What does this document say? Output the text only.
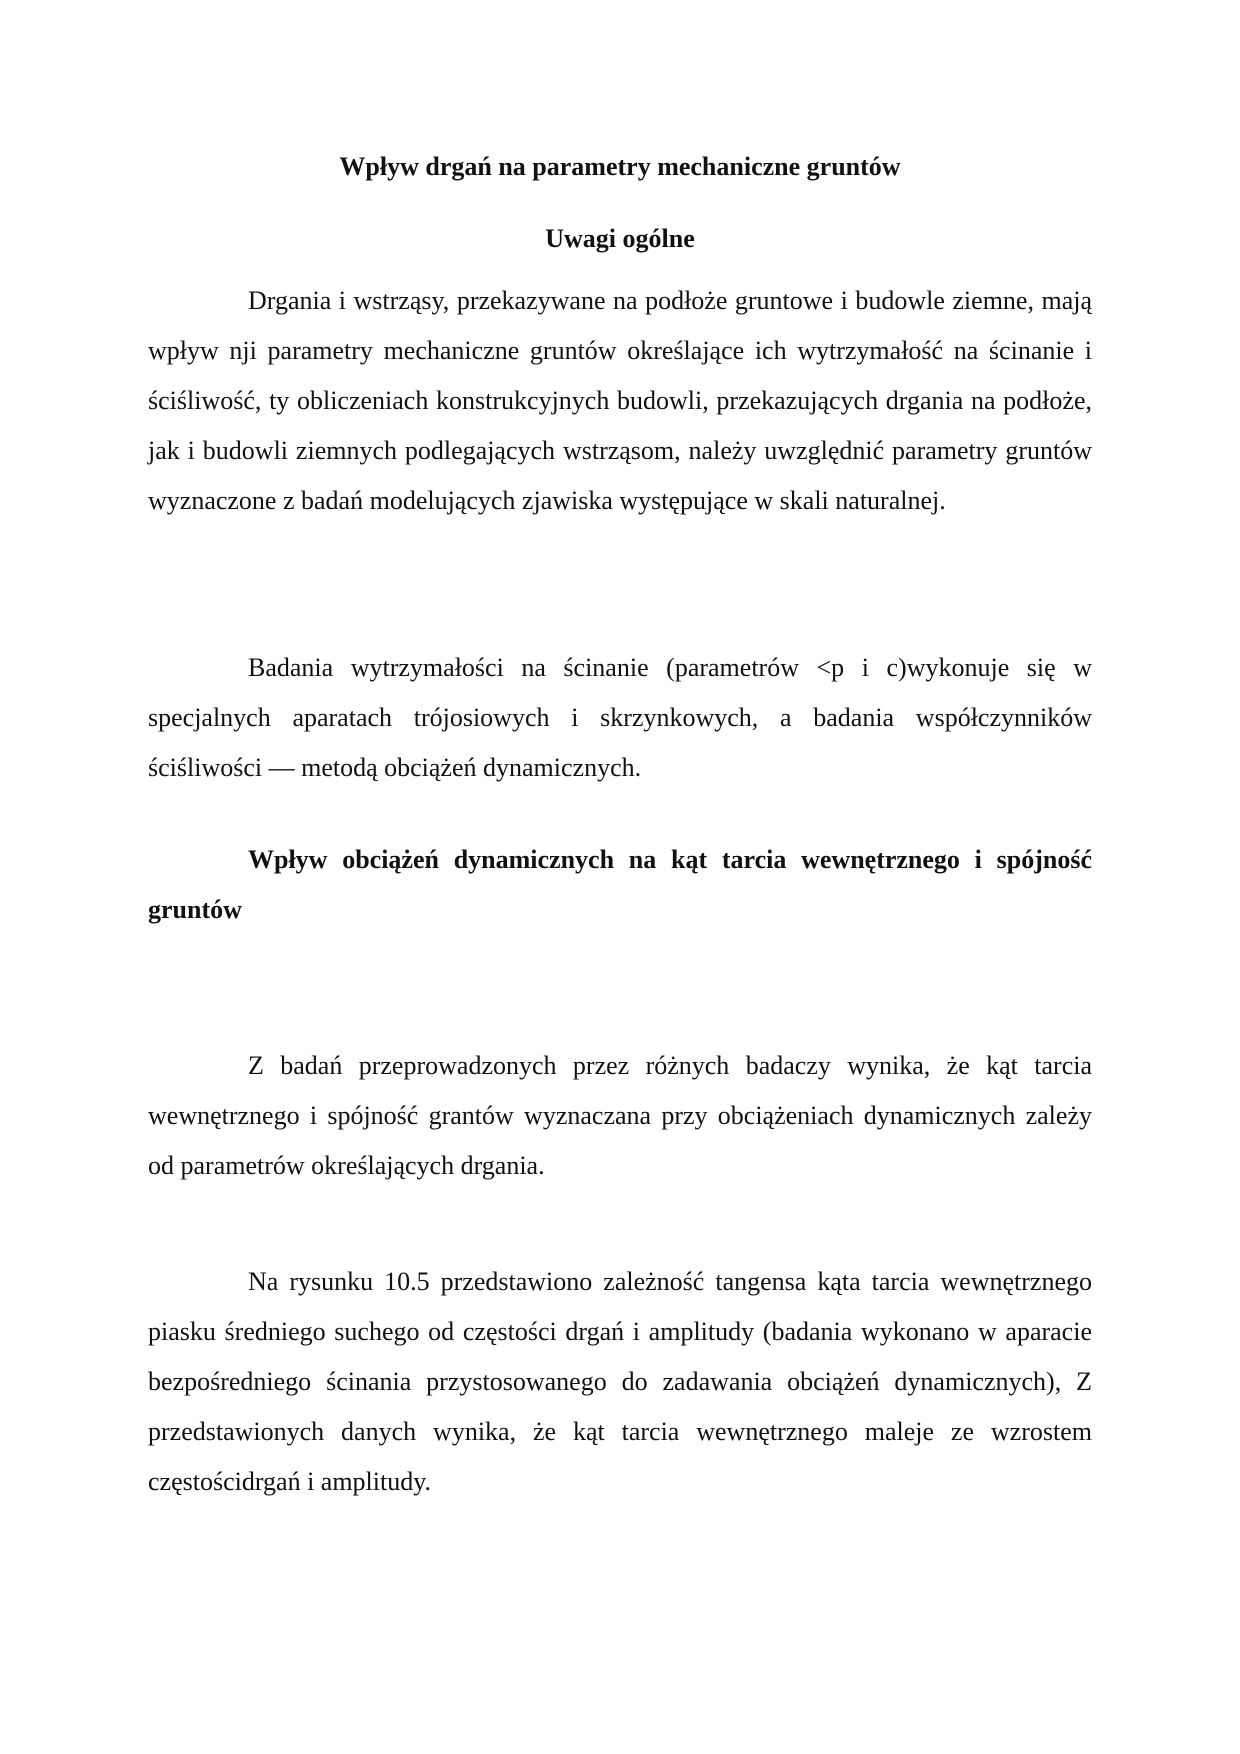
Wpływ drgań na parametry mechaniczne gruntów
Uwagi ogólne

Drgania i wstrząsy, przekazywane na podłoże gruntowe i budowle ziemne, mają wpływ nji parametry mechaniczne gruntów określające ich wytrzymałość na ścinanie i ściśliwość, ty obliczeniach konstrukcyjnych budowli, przekazujących drgania na podłoże, jak i budowli ziemnych podlegających wstrząsom, należy uwzględnić parametry gruntów wyznaczone z badań modelujących zjawiska występujące w skali naturalnej.

Badania wytrzymałości na ścinanie (parametrów <p i c)wykonuje się w specjalnych aparatach trójosiowych i skrzynkowych, a badania współczynników ściśliwości — metodą obciążeń dynamicznych.

Wpływ obciążeń dynamicznych na kąt tarcia wewnętrznego i spójność gruntów

Z badań przeprowadzonych przez różnych badaczy wynika, że kąt tarcia wewnętrznego i spójność grantów wyznaczana przy obciążeniach dynamicznych zależy od parametrów określających drgania.

Na rysunku 10.5 przedstawiono zależność tangensa kąta tarcia wewnętrznego piasku średniego suchego od częstości drgań i amplitudy (badania wykonano w aparacie bezpośredniego ścinania przystosowanego do zadawania obciążeń dynamicznych), Z przedstawionych danych wynika, że kąt tarcia wewnętrznego maleje ze wzrostem częstościdrgań i amplitudy.
